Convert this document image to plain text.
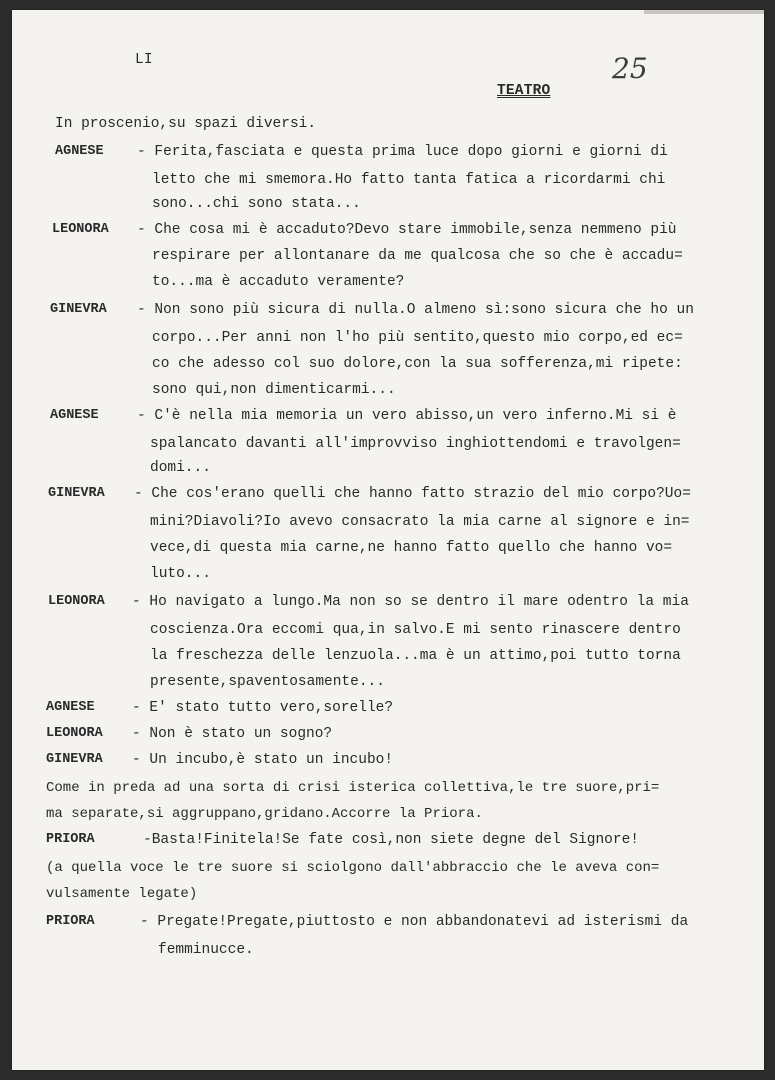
LI
TEATRO
25
In proscenio,su spazi diversi.
AGNESE - Ferita,fasciata e questa prima luce dopo giorni e giorni di
letto che mi smemora.Ho fatto tanta fatica a ricordarmi chi
sono...chi sono stata...
LEONORA - Che cosa mi è accaduto?Devo stare immobile,senza nemmeno più
respirare per allontanare da me qualcosa che so che è accadu=
to...ma è accaduto veramente?
GINEVRA - Non sono più sicura di nulla.O almeno sì:sono sicura che ho un
corpo...Per anni non l'ho più sentito,questo mio corpo,ed ec=
co che adesso col suo dolore,con la sua sofferenza,mi ripete:
sono qui,non dimenticarmi...
AGNESE	- C'è nella mia memoria un vero abisso,un vero inferno.Mi si è
spalancato davanti all'improvviso inghiottendomi e travolgen=
domi...
GINEVRA - Che cos'erano quelli che hanno fatto strazio del mio corpo?Uo=
mini?Diavoli?Io avevo consacrato la mia carne al signore e in=
vece,di questa mia carne,ne hanno fatto quello che hanno vo=
luto...
LEONORA - Ho navigato a lungo.Ma non so se dentro il mare odentro la mia
coscienza.Ora eccomi qua,in salvo.E mi sento rinascere dentro
la freschezza delle lenzuola...ma è un attimo,poi tutto torna
presente,spaventosamente...
AGNESE	- E' stato tutto vero,sorelle?
LEONORA - Non è stato un sogno?
GINEVRA - Un incubo,è stato un incubo!
Come in preda ad una sorta di crisi isterica collettiva,le tre suore,pri=
ma separate,si aggruppano,gridano.Accorre la Priora.
PRIORA	-Basta!Finitela!Se fate così,non siete degne del Signore!
(a quella voce le tre suore si sciolgono dall'abbraccio che le aveva con=
vulsamente legate)
PRIORA	- Pregate!Pregate,piuttosto e non abbandonatevi ad isterismi da
femminucce.
